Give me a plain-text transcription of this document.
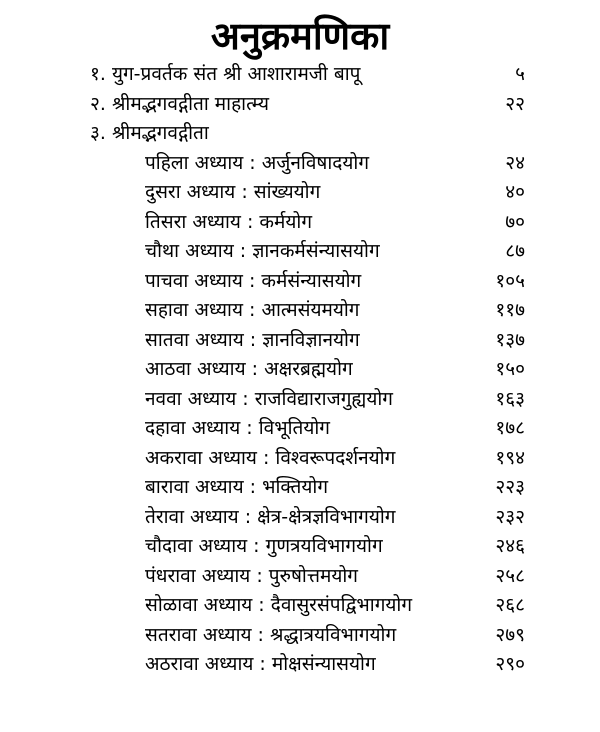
अनुक्रमणिका
१. युग-प्रवर्तक संत श्री आशारामजी बापू	५
२. श्रीमद्भगवद्गीता माहात्म्य	२२
३. श्रीमद्भगवद्गीता
पहिला अध्याय : अर्जुनविषादयोग	२४
दुसरा अध्याय : सांख्ययोग	४०
तिसरा अध्याय : कर्मयोग	७०
चौथा अध्याय : ज्ञानकर्मसंन्यासयोग	८७
पाचवा अध्याय : कर्मसंन्यासयोग	१०५
सहावा अध्याय : आत्मसंयमयोग	११७
सातवा अध्याय : ज्ञानविज्ञानयोग	१३७
आठवा अध्याय : अक्षरब्रह्मयोग	१५०
नववा अध्याय : राजविद्याराजगुह्ययोग	१६३
दहावा अध्याय : विभूतियोग	१७८
अकरावा अध्याय : विश्वरूपदर्शनयोग	१९४
बारावा अध्याय : भक्तियोग	२२३
तेरावा अध्याय : क्षेत्र-क्षेत्रज्ञविभागयोग	२३२
चौदावा अध्याय : गुणत्रयविभागयोग	२४६
पंधरावा अध्याय : पुरुषोत्तमयोग	२५८
सोळावा अध्याय : दैवासुरसंपद्विभागयोग	२६८
सतरावा अध्याय : श्रद्धात्रयविभागयोग	२७९
अठरावा अध्याय : मोक्षसंन्यासयोग	२९०
